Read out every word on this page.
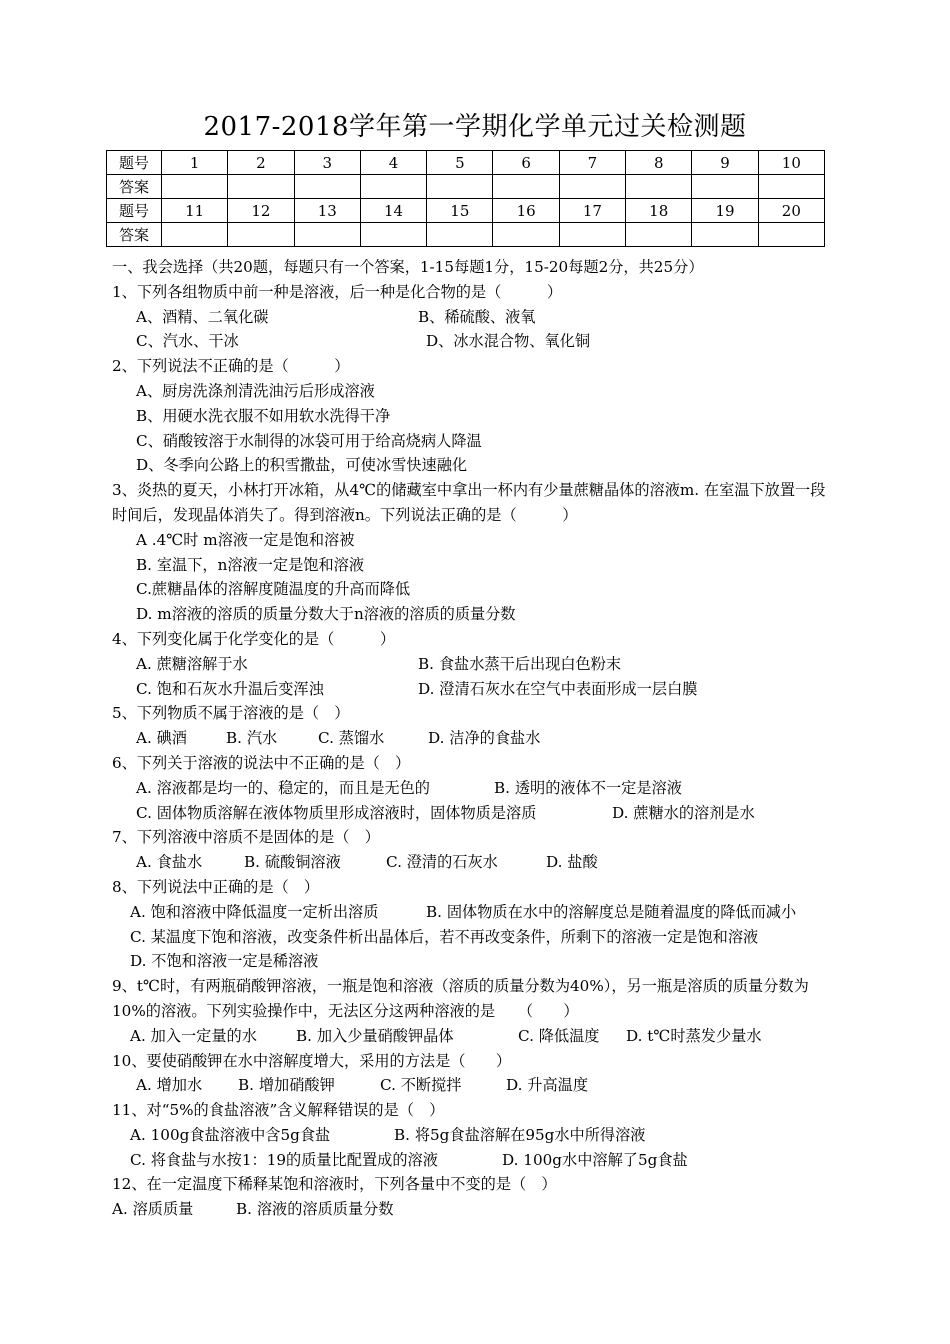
2017-2018学年第一学期化学单元过关检测题
题号	1	2	3	4	5	6	7	8	9	10
答案										
题号	11	12	13	14	15	16	17	18	19	20
答案										
一、我会选择（共20题，每题只有一个答案，1-15每题1分，15-20每题2分，共25分）
1、下列各组物质中前一种是溶液，后一种是化合物的是（　　　）
A、酒精、二氧化碳	B、稀硫酸、液氧
C、汽水、干冰	D、冰水混合物、氧化铜
2、下列说法不正确的是（　　　）
A、厨房洗涤剂清洗油污后形成溶液
B、用硬水洗衣服不如用软水洗得干净
C、硝酸铵溶于水制得的冰袋可用于给高烧病人降温
D、冬季向公路上的积雪撒盐，可使冰雪快速融化
3、炎热的夏天，小林打开冰箱，从4℃的储藏室中拿出一杯内有少量蔗糖晶体的溶液m. 在室温下放置一段时间后，发现晶体消失了。得到溶液n。下列说法正确的是（　　　）
A .4℃时 m溶液一定是饱和溶被
B. 室温下，n溶液一定是饱和溶液
C.蔗糖晶体的溶解度随温度的升高而降低
D. m溶液的溶质的质量分数大于n溶液的溶质的质量分数
4、下列变化属于化学变化的是（　　　）
A. 蔗糖溶解于水	B. 食盐水蒸干后出现白色粉末
C. 饱和石灰水升温后变浑浊	D. 澄清石灰水在空气中表面形成一层白膜
5、下列物质不属于溶液的是（　）
A. 碘酒	B. 汽水	C. 蒸馏水	D. 洁净的食盐水
6、下列关于溶液的说法中不正确的是（　）
A. 溶液都是均一的、稳定的，而且是无色的	B. 透明的液体不一定是溶液
C. 固体物质溶解在液体物质里形成溶液时，固体物质是溶质	D. 蔗糖水的溶剂是水
7、下列溶液中溶质不是固体的是（　）
A. 食盐水	B. 硫酸铜溶液	C. 澄清的石灰水	D. 盐酸
8、下列说法中正确的是（　）
A. 饱和溶液中降低温度一定析出溶质	B. 固体物质在水中的溶解度总是随着温度的降低而减小
C. 某温度下饱和溶液，改变条件析出晶体后，若不再改变条件，所剩下的溶液一定是饱和溶液
D. 不饱和溶液一定是稀溶液
9、t℃时，有两瓶硝酸钾溶液，一瓶是饱和溶液（溶质的质量分数为40%），另一瓶是溶质的质量分数为10%的溶液。下列实验操作中，无法区分这两种溶液的是　　（　　）
A. 加入一定量的水	B. 加入少量硝酸钾晶体	C. 降低温度 D. t℃时蒸发少量水
10、要使硝酸钾在水中溶解度增大，采用的方法是（　　）
A. 增加水 B. 增加硝酸钾	C. 不断搅拌	D. 升高温度
11、对“5%的食盐溶液”含义解释错误的是（　）
A. 100g食盐溶液中含5g食盐	B. 将5g食盐溶解在95g水中所得溶液
C. 将食盐与水按1：19的质量比配置成的溶液	D. 100g水中溶解了5g食盐
12、在一定温度下稀释某饱和溶液时，下列各量中不变的是（　）
A. 溶质质量	B. 溶液的溶质质量分数
